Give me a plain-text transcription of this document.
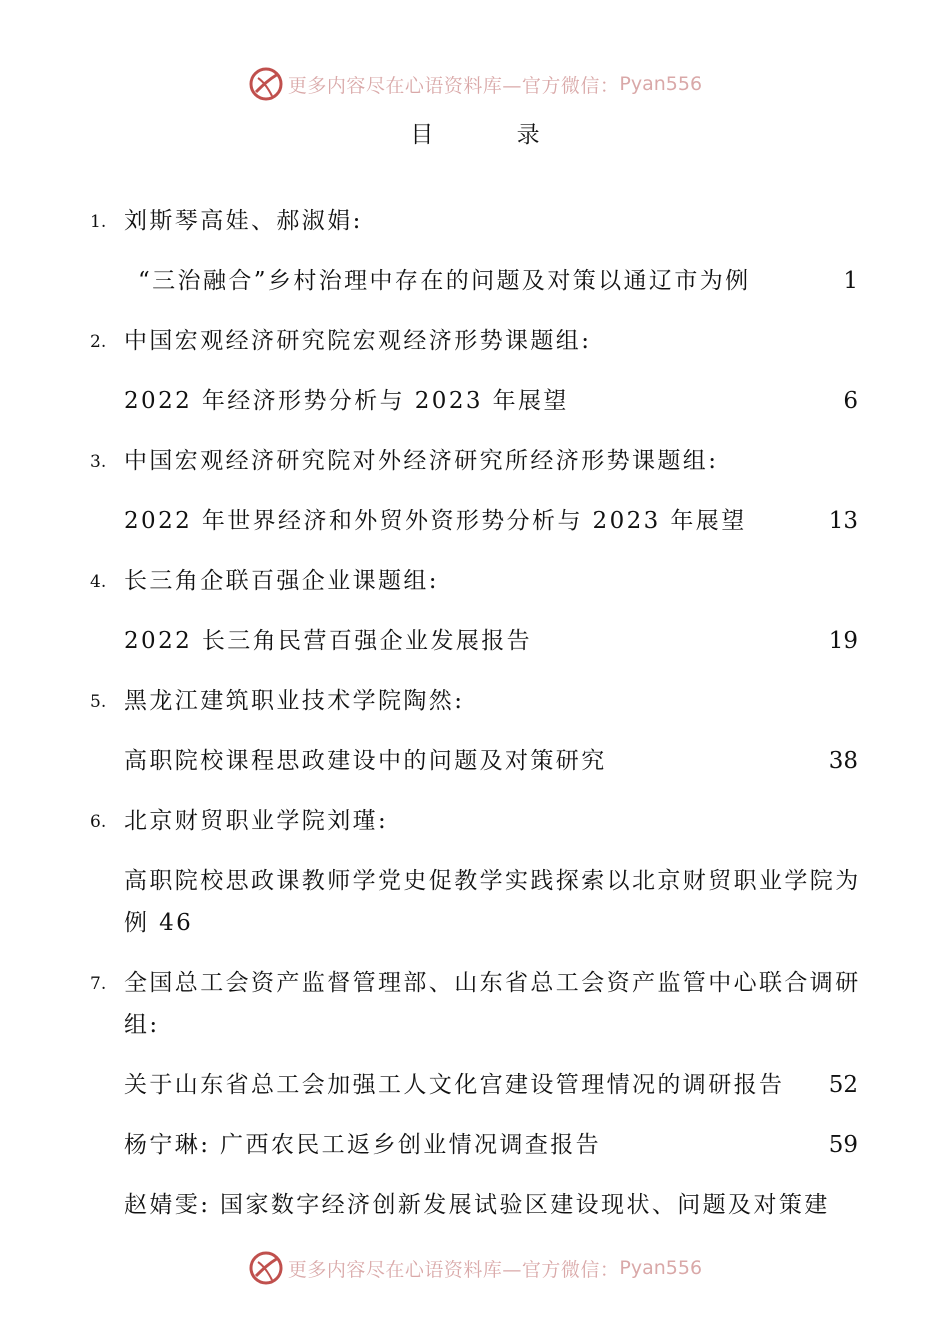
更多内容尽在心语资料库—官方微信： Pyan556
目 录
1. 刘斯琴高娃、郝淑娟:
“三治融合”乡村治理中存在的问题及对策以通辽市为例	1
2. 中国宏观经济研究院宏观经济形势课题组:
2022 年经济形势分析与 2023 年展望	6
3. 中国宏观经济研究院对外经济研究所经济形势课题组:
2022 年世界经济和外贸外资形势分析与 2023 年展望	13
4. 长三角企联百强企业课题组:
2022 长三角民营百强企业发展报告	19
5. 黑龙江建筑职业技术学院陶然:
高职院校课程思政建设中的问题及对策研究	38
6. 北京财贸职业学院刘瑾:
高职院校思政课教师学党史促教学实践探索以北京财贸职业学院为例 46
7. 全国总工会资产监督管理部、山东省总工会资产监管中心联合调研组:
关于山东省总工会加强工人文化宫建设管理情况的调研报告	52
杨宁琳: 广西农民工返乡创业情况调查报告	59
赵婧雯: 国家数字经济创新发展试验区建设现状、问题及对策建
更多内容尽在心语资料库—官方微信： Pyan556
